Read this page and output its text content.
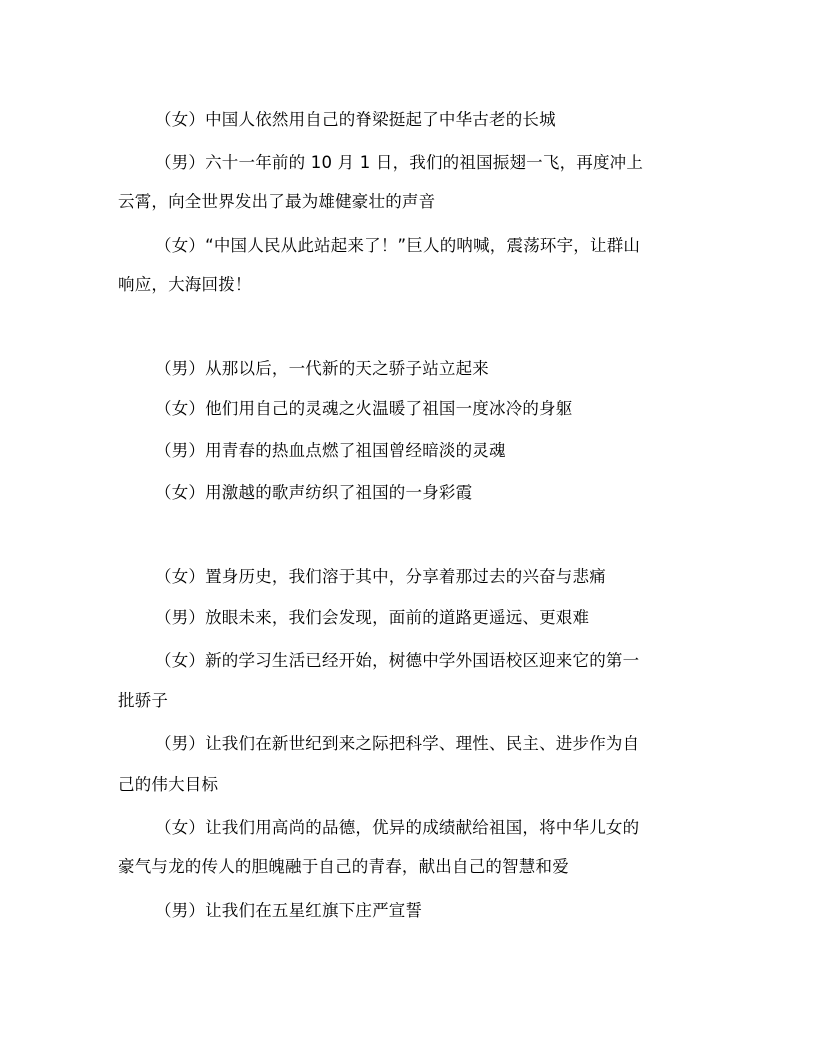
（女）中国人依然用自己的脊梁挺起了中华古老的长城
（男）六十一年前的 10 月 1 日，我们的祖国振翅一飞，再度冲上
云霄，向全世界发出了最为雄健豪壮的声音
（女）“中国人民从此站起来了！”巨人的呐喊，震荡环宇，让群山
响应，大海回拨！
（男）从那以后，一代新的天之骄子站立起来
（女）他们用自己的灵魂之火温暖了祖国一度冰冷的身躯
（男）用青春的热血点燃了祖国曾经暗淡的灵魂
（女）用激越的歌声纺织了祖国的一身彩霞
（女）置身历史，我们溶于其中，分享着那过去的兴奋与悲痛
（男）放眼未来，我们会发现，面前的道路更遥远、更艰难
（女）新的学习生活已经开始，树德中学外国语校区迎来它的第一
批骄子
（男）让我们在新世纪到来之际把科学、理性、民主、进步作为自
己的伟大目标
（女）让我们用高尚的品德，优异的成绩献给祖国，将中华儿女的
豪气与龙的传人的胆魄融于自己的青春，献出自己的智慧和爱
（男）让我们在五星红旗下庄严宣誓
